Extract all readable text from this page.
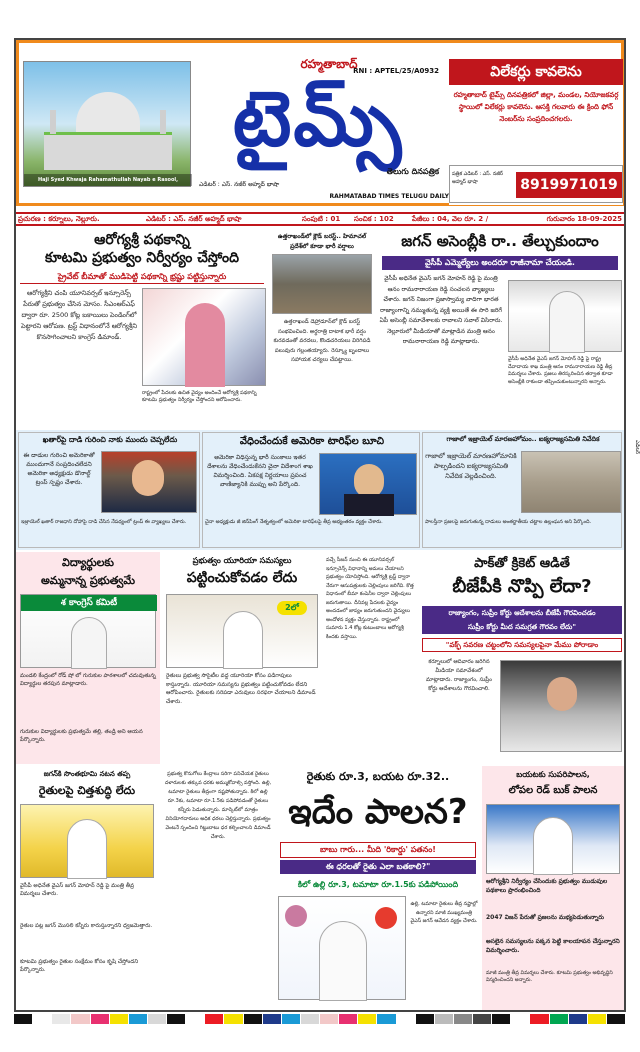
Haji Syed Khwaja Rahamathullah Nayab e Rasool, Ammajaan
రహ్మతాబాద్
RNI : APTEL/25/A0932
టైమ్స్
తెలుగు దినపత్రిక
ఎడిటర్ : ఎస్. నజీర్ అహ్మద్ భాషా
RAHMATABAD TIMES TELUGU DAILY
విలేకర్లు కావలెను
రహ్మతాబాద్ టైమ్స్ దినపత్రికలో జిల్లా, మండల, నియోజకవర్గ స్థాయిలో విలేకర్లు కావలెను. ఆసక్తి గలవారు ఈ క్రింది ఫోన్ నెంబర్‌ను సంప్రదించగలరు.
పత్రిక ఎడిటర్ : ఎస్. నజీర్ అహ్మద్ భాషా	8919971019
ప్రచురణ : కర్నూలు, నెల్లూరు.	ఎడిటర్ : ఎస్. నజీర్ అహ్మద్ భాషా	సంపుటి : 01	సంచిక : 102	పేజీలు : 04, వెల రూ. 2 /	గురువారం 18-09-2025
ఆరోగ్యశ్రీ పథకాన్ని
కూటమి ప్రభుత్వం నిర్వీర్యం చేస్తోంది
ప్రైవేట్ బీమాతో ముడిపెట్టి పథకాన్ని భ్రష్టు పట్టిస్తున్నారు
ఆరోగ్యశ్రీని చంపి యూనివర్సల్ ఇన్సూరెన్స్ పేరుతో ప్రభుత్వం చేసిన మోసం. సీఎంఆర్ఎఫ్ ద్వారా రూ. 2500 కోట్ల బకాయిలు పెండింగ్‌లో పెట్టారని ఆరోపణ. ట్రస్ట్ విధానంలోనే ఆరోగ్యశ్రీని కొనసాగించాలని కాంగ్రెస్ డిమాండ్.
రాష్ట్రంలో పేదలకు ఉచిత వైద్యం అందించే ఆరోగ్యశ్రీ పథకాన్ని కూటమి ప్రభుత్వం నిర్వీర్యం చేస్తోందని ఆరోపించారు.
ఉత్తరాఖండ్‌లో క్లౌడ్ బరస్ట్.. హిమాచల్ ప్రదేశ్‌లో కూడా భారీ వర్షాలు
ఉత్తరాఖండ్ డెహ్రాడూన్‌లో క్లౌడ్ బరస్ట్ సంభవించింది. అర్ధరాత్రి దాటాక భారీ వర్షం కురవడంతో వరదలు, కొండచరియలు విరిగిపడి పలువురు గల్లంతయ్యారు. రెస్క్యూ బృందాలు సహాయక చర్యలు చేపట్టాయి.
జగన్ అసెంబ్లీకి రా.. తేల్చుకుందాం
వైసీపీ ఎమ్మెల్యేలు అందరూ రాజీనామా చేయండి.
వైసీపీ అధినేత వైఎస్ జగన్ మోహన్ రెడ్డి పై మంత్రి ఆనం రామనారాయణ రెడ్డి సంచలన వ్యాఖ్యలు చేశారు. జగన్ నిజంగా ప్రజాస్వామ్య వాదిగా భారత రాజ్యాంగాన్ని నమ్ముతున్న వ్యక్తి అయితే ఈ సారి జరిగే ఏపీ అసెంబ్లీ సమావేశాలకు రావాలని సవాల్ విసిరారు. నెల్లూరులో మీడియాతో మాట్లాడిన మంత్రి ఆనం రామనారాయణ రెడ్డి మాట్లాడారు.
వైసీపీ అధినేత వైఎస్ జగన్ మోహన్ రెడ్డి పై రాష్ట్ర దేవాదాయ శాఖ మంత్రి ఆనం రామనారాయణ రెడ్డి తీవ్ర విమర్శలు చేశారు. ప్రజలు తిరస్కరించిన తర్వాత కూడా అసెంబ్లీకి రాకుండా తప్పించుకుంటున్నారని అన్నారు.
ఖతార్‌పై దాడి గురించి నాకు ముందు చెప్పలేదు
ఈ దాడుల గురించి అమెరికాతో ముందుగానే సంప్రదించలేదని అమెరికా అధ్యక్షుడు డొనాల్డ్ ట్రంప్ స్పష్టం చేశారు.
ఇజ్రాయెల్ ఖతార్ రాజధాని దోహాపై దాడి చేసిన నేపథ్యంలో ట్రంప్ ఈ వ్యాఖ్యలు చేశారు.
వేధించేందుకే అమెరికా టారిఫ్‌ల బూచి
అమెరికా విధిస్తున్న భారీ సుంకాలు ఇతర దేశాలను వేధించేందుకేనని చైనా విదేశాంగ శాఖ విమర్శించింది. ఏకపక్ష నిర్ణయాలు ప్రపంచ వాణిజ్యానికి ముప్పు అని పేర్కొంది.
చైనా అధ్యక్షుడు జీ జిన్‌పింగ్ నేతృత్వంలో అమెరికా టారిఫ్‌లపై తీవ్ర అభ్యంతరం వ్యక్తం చేశారు.
గాజాలో ఇజ్రాయెల్ మారణహోమం.. ఐక్యరాజ్యసమితి నివేదిక
గాజాలో ఇజ్రాయెల్ మారణహోమానికి పాల్పడిందని ఐక్యరాజ్యసమితి నివేదిక వెల్లడించింది.
పాలస్తీనా ప్రజలపై జరుగుతున్న దాడులు అంతర్జాతీయ చట్టాల ఉల్లంఘన అని పేర్కొంది.
విద్యార్థులకు
అమ్మనాన్న ప్రభుత్వమే
శ కాంగ్రెస్ కమిటీ
మండలి కేంద్రంలో రోడ్ షో లో గురుకుల పాఠశాలలో చదువుతున్న విద్యార్థుల తరపున మాట్లాడారు.
గురుకుల విద్యార్థులకు ప్రభుత్వమే తల్లి, తండ్రి అని ఆయన పేర్కొన్నారు.
ప్రభుత్వం యూరియా సమస్యలు
పట్టించుకోవడం లేదు
2లో
రైతులు ప్రభుత్వ సొసైటీల వద్ద యూరియా కోసం పడిగాపులు కాస్తున్నారు. యూరియా సమస్యను ప్రభుత్వం పట్టించుకోవడం లేదని ఆరోపించారు. రైతులకు సరిపడా ఎరువులు సరఫరా చేయాలని డిమాండ్ చేశారు.
వచ్చే సీజన్ నుంచి ఈ యూనివర్సల్ ఇన్సూరెన్స్ విధానాన్ని అమలు చేయాలని ప్రభుత్వం యోచిస్తోంది. ఆరోగ్యశ్రీ ట్రస్ట్ ద్వారా నేరుగా ఆసుపత్రులకు చెల్లింపులు జరిగేవి. కొత్త విధానంలో బీమా కంపెనీల ద్వారా చెల్లింపులు జరుగుతాయి. దీనివల్ల పేదలకు వైద్యం అందడంలో జాప్యం జరుగుతుందని వైద్యులు ఆందోళన వ్యక్తం చేస్తున్నారు. రాష్ట్రంలో సుమారు 1.4 కోట్ల కుటుంబాలు ఆరోగ్యశ్రీ కిందకు వస్తాయి.
పాక్‌తో క్రికెట్ ఆడితే
బీజేపీకి నొప్పి లేదా?
రాజ్యాంగం, సుప్రీం కోర్టు ఆదేశాలను బీజేపీ గౌరవించడం
సుప్రీం కోర్టు మీద సమగ్రత గౌరవం లేదు"
"వక్ఫ్ సవరణ చట్టంలోని సమస్యలపైనా మేము పోరాడాం
కర్నూలులో ఆదివారం జరిగిన మీడియా సమావేశంలో మాట్లాడారు. రాజ్యాంగం, సుప్రీం కోర్టు ఆదేశాలను గౌరవించాలి.
జగన్‌కి సొంతభూమి నటన తప్ప
రైతులపై చిత్తశుద్ధి లేదు
వైసీపీ అధినేత వైఎస్ జగన్ మోహన్ రెడ్డి పై మంత్రి తీవ్ర విమర్శలు చేశారు.
రైతుల పట్ల జగన్ మొసలి కన్నీరు కారుస్తున్నారని ధ్వజమెత్తారు.
కూటమి ప్రభుత్వం రైతుల సంక్షేమం కోసం కృషి చేస్తోందని పేర్కొన్నారు.
ప్రభుత్వ కొనుగోలు కేంద్రాలు సరిగా పనిచేయక రైతులు దళారులకు తక్కువ ధరకు అమ్ముకోవాల్సి వస్తోంది. ఉల్లి, టమాటా రైతులు తీవ్రంగా నష్టపోతున్నారు. కిలో ఉల్లి రూ.3కు, టమాటా రూ.1.5కు పడిపోవడంతో రైతులు కన్నీరు పెడుతున్నారు. మార్కెట్‌లో మాత్రం వినియోగదారులు అధిక ధరలు చెల్లిస్తున్నారు. ప్రభుత్వం వెంటనే స్పందించి గిట్టుబాటు ధర కల్పించాలని డిమాండ్ చేశారు.
రైతుకు రూ.3, బయట రూ.32..
ఇదేం పాలన?
బాబు గారు... మీది 'రికార్డు' పతనం!
ఈ ధరలతో రైతు ఎలా బతకాలి?"
కిలో ఉల్లి రూ.3, టమాటా రూ.1.5కు పడిపోయింది
ఉల్లి, టమాటా రైతులు తీవ్ర నష్టాల్లో ఉన్నారని మాజీ ముఖ్యమంత్రి వైఎస్ జగన్ ఆవేదన వ్యక్తం చేశారు.
బయటకు సుపరిపాలన,
లోపల రెడ్ బుక్ పాలన
ఆరోగ్యశ్రీని నిర్వీర్యం చేసిందుకు ప్రభుత్వం ముడుపుల పథకాలు ప్రారంభించింది
2047 విజన్ పేరుతో ప్రజలను మభ్యపెడుతున్నారు
అసలైన సమస్యలను పక్కన పెట్టి కాలయాపన చేస్తున్నారని విమర్శించారు.
మాజీ మంత్రి తీవ్ర విమర్శలు చేశారు. కూటమి ప్రభుత్వం అభివృద్ధిని విస్మరించిందని అన్నారు.
ఎడిటర్
